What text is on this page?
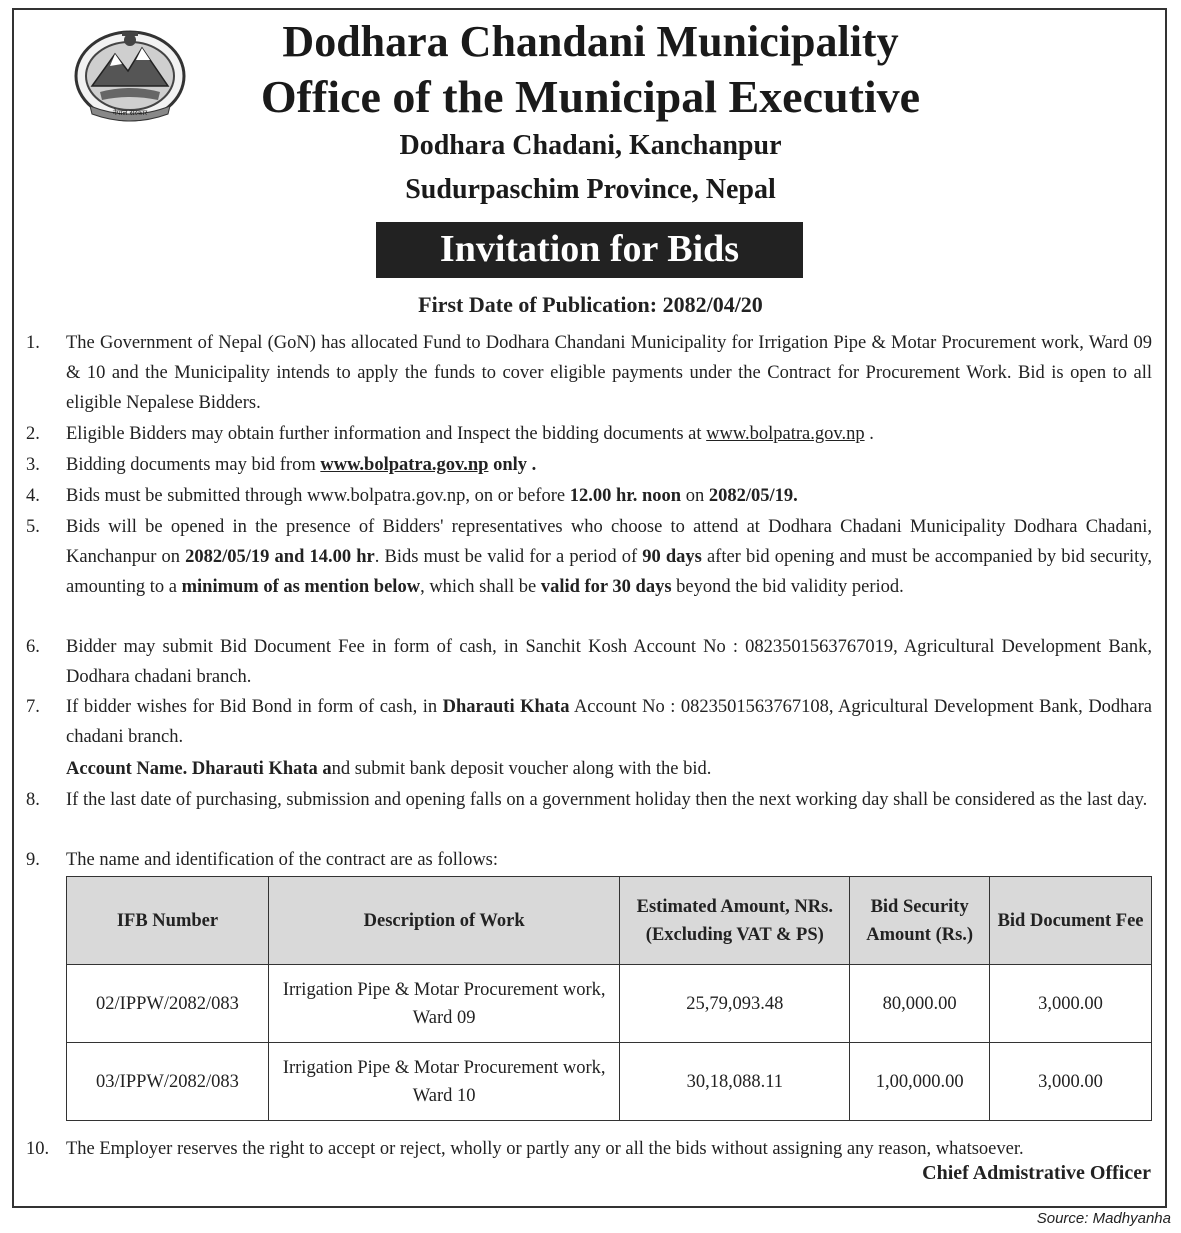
नेपाल सरकार
Dodhara Chandani Municipality
Office of the Municipal Executive
Dodhara Chadani, Kanchanpur
Sudurpaschim Province, Nepal
Invitation for Bids
First Date of Publication: 2082/04/20
1. The Government of Nepal (GoN) has allocated Fund to Dodhara Chandani Municipality for Irrigation Pipe & Motar Procurement work, Ward 09 & 10 and the Municipality intends to apply the funds to cover eligible payments under the Contract for Procurement Work. Bid is open to all eligible Nepalese Bidders.
2. Eligible Bidders may obtain further information and Inspect the bidding documents at www.bolpatra.gov.np .
3. Bidding documents may bid from www.bolpatra.gov.np only .
4. Bids must be submitted through www.bolpatra.gov.np, on or before 12.00 hr. noon on 2082/05/19.
5. Bids will be opened in the presence of Bidders' representatives who choose to attend at Dodhara Chadani Municipality Dodhara Chadani, Kanchanpur on 2082/05/19 and 14.00 hr. Bids must be valid for a period of 90 days after bid opening and must be accompanied by bid security, amounting to a minimum of as mention below, which shall be valid for 30 days beyond the bid validity period.
6. Bidder may submit Bid Document Fee in form of cash, in Sanchit Kosh Account No : 0823501563767019, Agricultural Development Bank, Dodhara chadani branch.
7. If bidder wishes for Bid Bond in form of cash, in Dharauti Khata Account No : 0823501563767108, Agricultural Development Bank, Dodhara chadani branch.
Account Name. Dharauti Khata and submit bank deposit voucher along with the bid.
8. If the last date of purchasing, submission and opening falls on a government holiday then the next working day shall be considered as the last day.
9. The name and identification of the contract are as follows:
IFB Number	Description of Work	Estimated Amount, NRs. (Excluding VAT & PS)	Bid Security Amount (Rs.)	Bid Document Fee
02/IPPW/2082/083	Irrigation Pipe & Motar Procurement work, Ward 09	25,79,093.48	80,000.00	3,000.00
03/IPPW/2082/083	Irrigation Pipe & Motar Procurement work, Ward 10	30,18,088.11	1,00,000.00	3,000.00
10. The Employer reserves the right to accept or reject, wholly or partly any or all the bids without assigning any reason, whatsoever.
Chief Admistrative Officer
Source: Madhyanha
